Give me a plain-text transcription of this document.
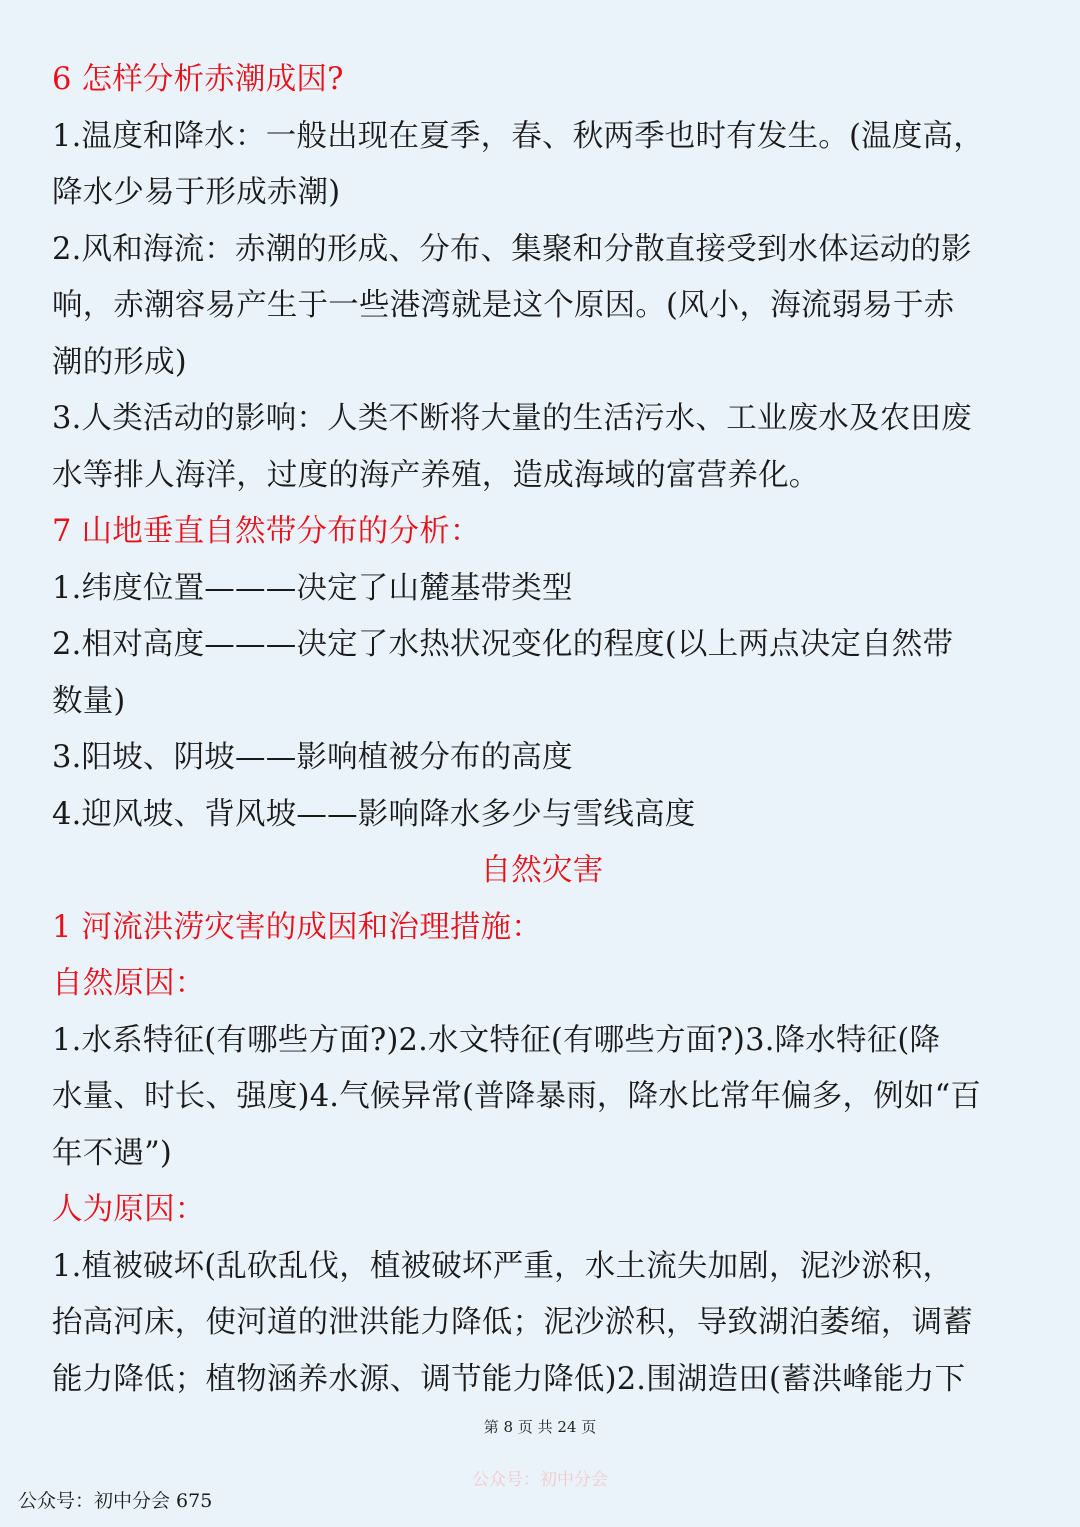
6 怎样分析赤潮成因?
1.温度和降水：一般出现在夏季，春、秋两季也时有发生。(温度高，
降水少易于形成赤潮)
2.风和海流：赤潮的形成、分布、集聚和分散直接受到水体运动的影
响，赤潮容易产生于一些港湾就是这个原因。(风小，海流弱易于赤
潮的形成)
3.人类活动的影响：人类不断将大量的生活污水、工业废水及农田废
水等排人海洋，过度的海产养殖，造成海域的富营养化。
7 山地垂直自然带分布的分析：
1.纬度位置———决定了山麓基带类型
2.相对高度———决定了水热状况变化的程度(以上两点决定自然带
数量)
3.阳坡、阴坡——影响植被分布的高度
4.迎风坡、背风坡——影响降水多少与雪线高度
自然灾害
1 河流洪涝灾害的成因和治理措施：
自然原因：
1.水系特征(有哪些方面?)2.水文特征(有哪些方面?)3.降水特征(降
水量、时长、强度)4.气候异常(普降暴雨，降水比常年偏多，例如“百
年不遇”)
人为原因：
1.植被破坏(乱砍乱伐，植被破坏严重，水土流失加剧，泥沙淤积，
抬高河床，使河道的泄洪能力降低；泥沙淤积，导致湖泊萎缩，调蓄
能力降低；植物涵养水源、调节能力降低)2.围湖造田(蓄洪峰能力下
第 8 页 共 24 页
公众号：初中分会
公众号：初中分会 675
